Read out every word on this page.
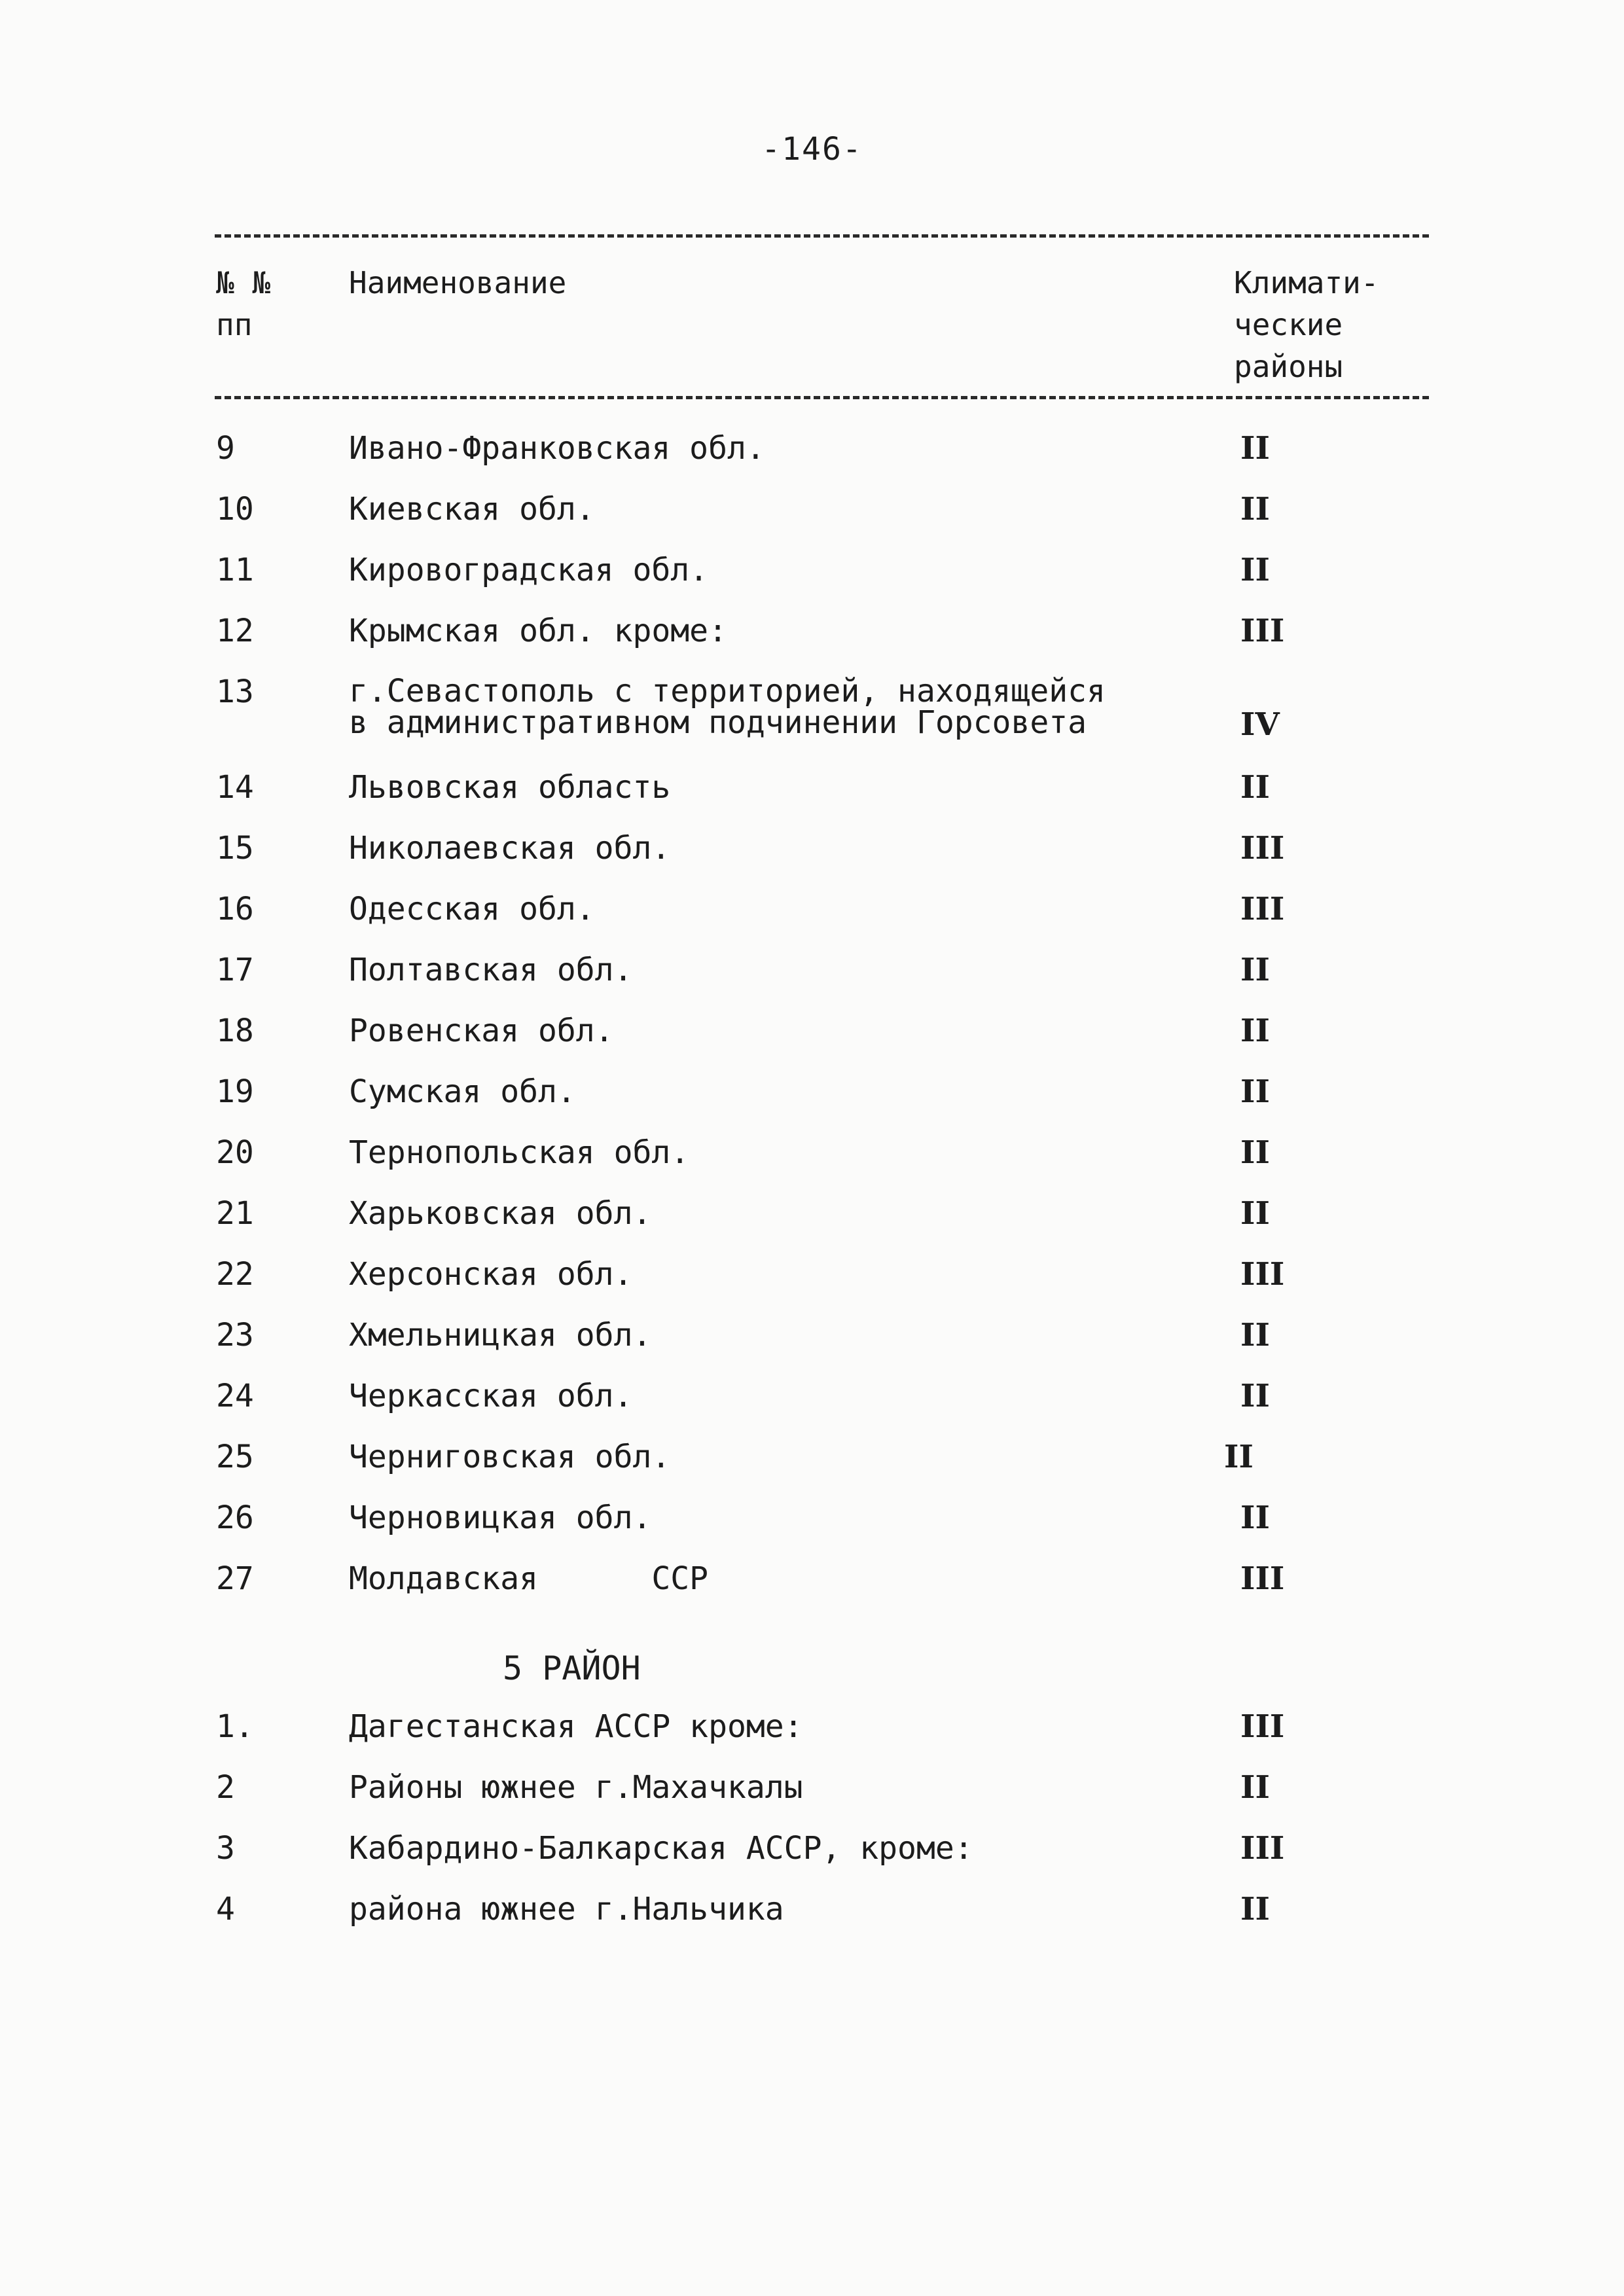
-146-
№ №
пп
Наименование	Климати-
ческие
районы
9	Ивано-Франковская обл.	II
10	Киевская обл.	II
11	Кировоградская обл.	II
12	Крымская обл. кроме:	III
13	г.Севастополь с территорией, находящейся
в административном подчинении Горсовета	IV
14	Львовская область	II
15	Николаевская обл.	III
16	Одесская обл.	III
17	Полтавская обл.	II
18	Ровенская обл.	II
19	Сумская обл.	II
20	Тернопольская обл.	II
21	Харьковская обл.	II
22	Херсонская обл.	III
23	Хмельницкая обл.	II
24	Черкасская обл.	II
25	Черниговская обл.	II
26	Черновицкая обл.	II
27	Молдавская      ССР	III
5 РАЙОН
1.	Дагестанская АССР кроме:	III
2	Районы южнее г.Махачкалы	II
3	Кабардино-Балкарская АССР, кроме:	III
4	района южнее г.Нальчика	II
